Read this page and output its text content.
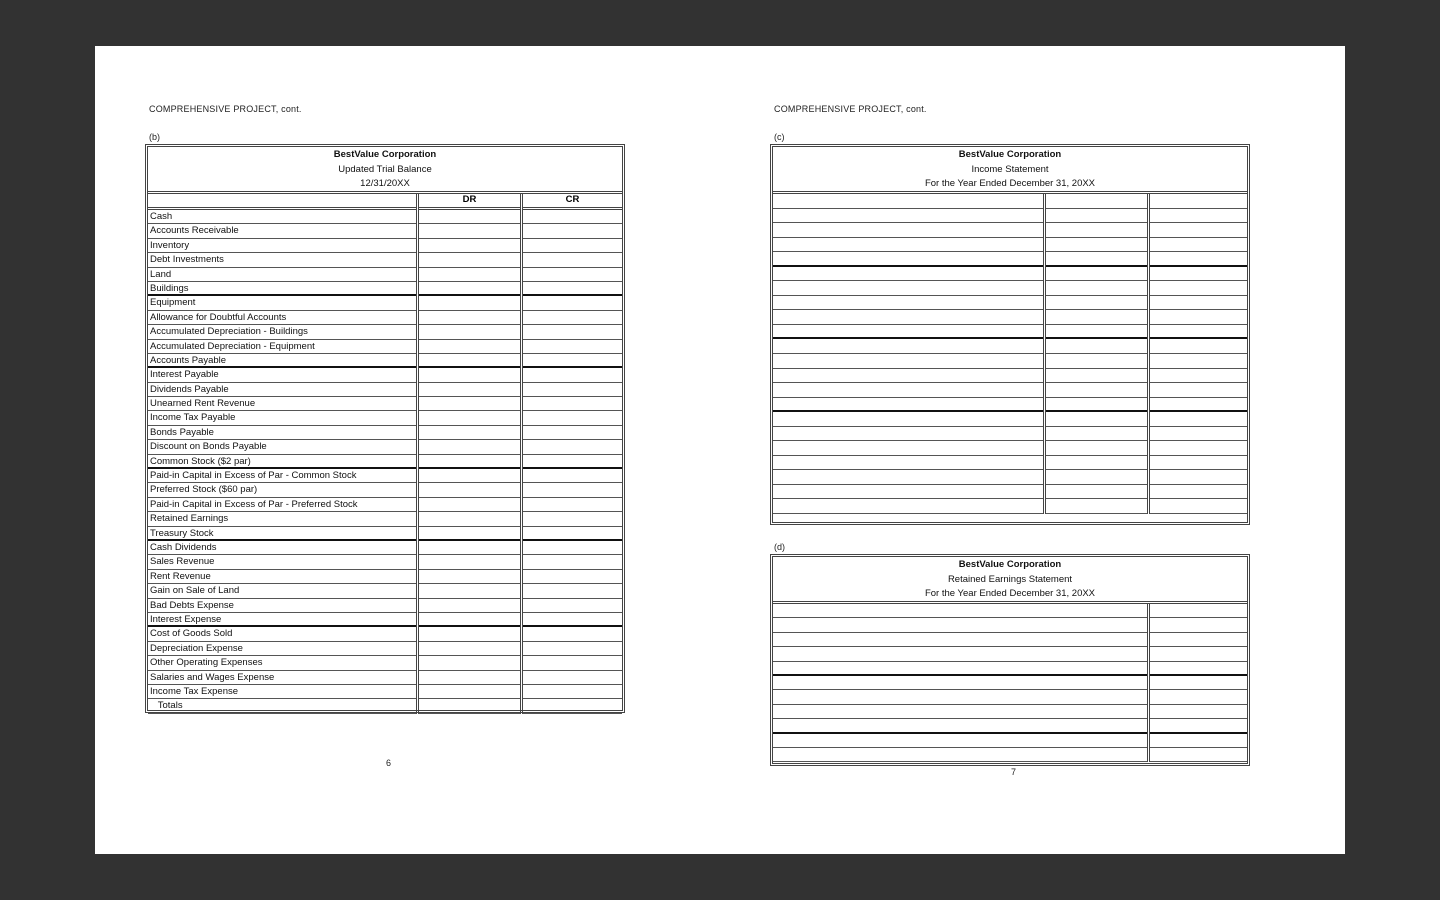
COMPREHENSIVE PROJECT, cont.
(b)
BestValue Corporation
Updated Trial Balance
12/31/20XX
Cash
Accounts Receivable
Inventory
Debt Investments
Land
Buildings
Equipment
Allowance for Doubtful Accounts
Accumulated Depreciation - Buildings
Accumulated Depreciation - Equipment
Accounts Payable
Interest Payable
Dividends Payable
Unearned Rent Revenue
Income Tax Payable
Bonds Payable
Discount on Bonds Payable
Common Stock ($2 par)
Paid-in Capital in Excess of Par - Common Stock
Preferred Stock ($60 par)
Paid-in Capital in Excess of Par - Preferred Stock
Retained Earnings
Treasury Stock
Cash Dividends
Sales Revenue
Rent Revenue
Gain on Sale of Land
Bad Debts Expense
Interest Expense
Cost of Goods Sold
Depreciation Expense
Other Operating Expenses
Salaries and Wages Expense
Income Tax Expense
Totals
DR	CR
6
COMPREHENSIVE PROJECT, cont.
(c)
BestValue Corporation
Income Statement
For the Year Ended December 31, 20XX
(d)
BestValue Corporation
Retained Earnings Statement
For the Year Ended December 31, 20XX
7
